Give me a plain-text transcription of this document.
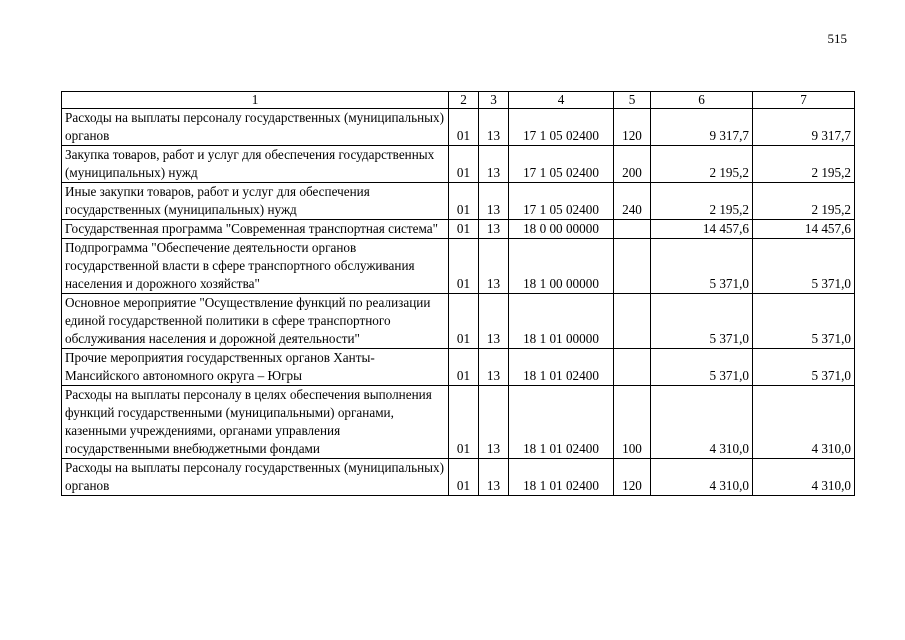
515
1	2	3	4	5	6	7
Расходы на выплаты персоналу государственных (муниципальных) органов	01	13	17 1 05 02400	120	9 317,7	9 317,7
Закупка товаров, работ и услуг для обеспечения государственных (муниципальных) нужд	01	13	17 1 05 02400	200	2 195,2	2 195,2
Иные закупки товаров, работ и услуг для обеспечения государственных (муниципальных) нужд	01	13	17 1 05 02400	240	2 195,2	2 195,2
Государственная программа "Современная транспортная система"	01	13	18 0 00 00000		14 457,6	14 457,6
Подпрограмма "Обеспечение деятельности органов государственной власти в сфере транспортного обслуживания населения и дорожного хозяйства"	01	13	18 1 00 00000		5 371,0	5 371,0
Основное мероприятие "Осуществление функций по реализации единой государственной политики в сфере транспортного обслуживания населения и дорожной деятельности"	01	13	18 1 01 00000		5 371,0	5 371,0
Прочие мероприятия государственных органов Ханты-Мансийского автономного округа – Югры	01	13	18 1 01 02400		5 371,0	5 371,0
Расходы на выплаты персоналу в целях обеспечения выполнения функций государственными (муниципальными) органами, казенными учреждениями, органами управления государственными внебюджетными фондами	01	13	18 1 01 02400	100	4 310,0	4 310,0
Расходы на выплаты персоналу государственных (муниципальных) органов	01	13	18 1 01 02400	120	4 310,0	4 310,0
